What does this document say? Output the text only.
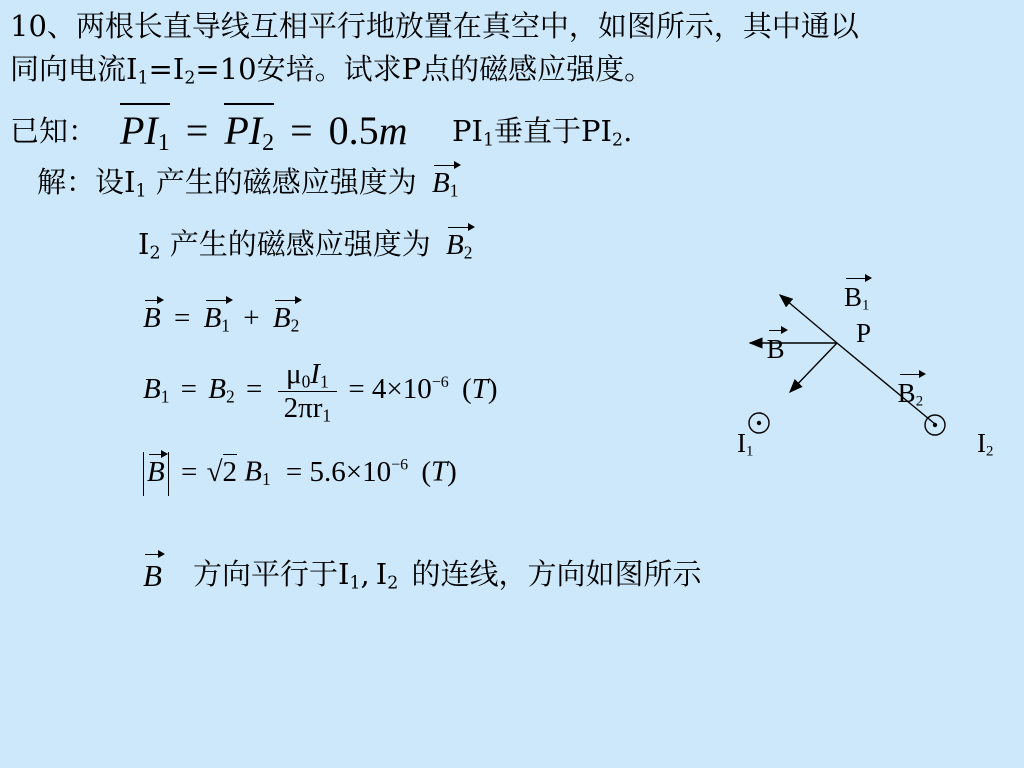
10、两根长直导线互相平行地放置在真空中，如图所示，其中通以
同向电流$I_1=I_2=10$安培。试求P点的磁感应强度。
已知： $PI_1 = PI_2 = 0.5m$ $PI_1$垂直于$PI_2$.
解：设$I_1$ 产生的磁感应强度为 $B_1$
$I_2$ 产生的磁感应强度为 $B_2$
$B = B_1 + B_2$
$B_1 = B_2 = \frac{\mu_0I_1}{2\pi r_1} = 4\times 10^{-6}$ (T)
B = √2 $B_1 = 5.6\times 10^{-6}$ (T)
B 方向平行于$I_1$, $I_2$ 的连线，方向如图所示
$B_1$
P
B $B_2$
$I_1$	$I_2$
